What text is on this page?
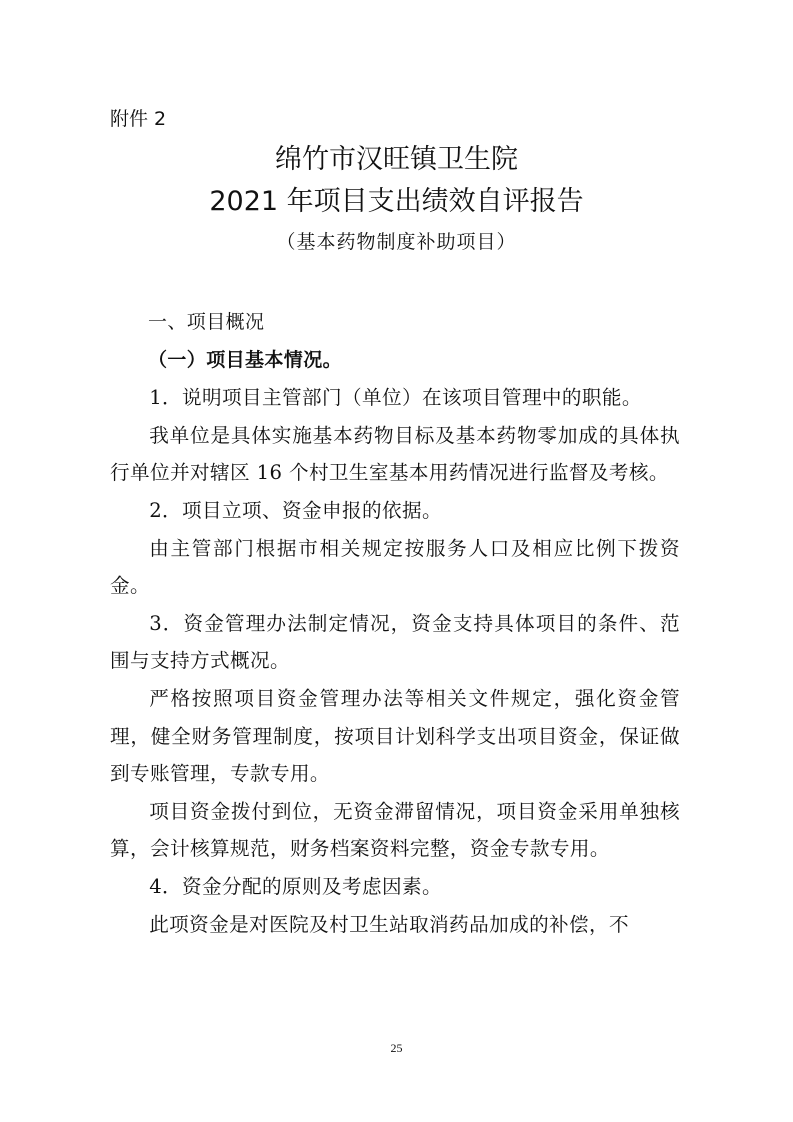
附件 2
绵竹市汉旺镇卫生院
2021 年项目支出绩效自评报告
（基本药物制度补助项目）

一、项目概况

（一）项目基本情况。

1．说明项目主管部门（单位）在该项目管理中的职能。

我单位是具体实施基本药物目标及基本药物零加成的具体执行单位并对辖区 16 个村卫生室基本用药情况进行监督及考核。

2．项目立项、资金申报的依据。

由主管部门根据市相关规定按服务人口及相应比例下拨资金。

3．资金管理办法制定情况，资金支持具体项目的条件、范围与支持方式概况。

严格按照项目资金管理办法等相关文件规定，强化资金管理，健全财务管理制度，按项目计划科学支出项目资金，保证做到专账管理，专款专用。

项目资金拨付到位，无资金滞留情况，项目资金采用单独核算，会计核算规范，财务档案资料完整，资金专款专用。

4．资金分配的原则及考虑因素。

此项资金是对医院及村卫生站取消药品加成的补偿，不

25
